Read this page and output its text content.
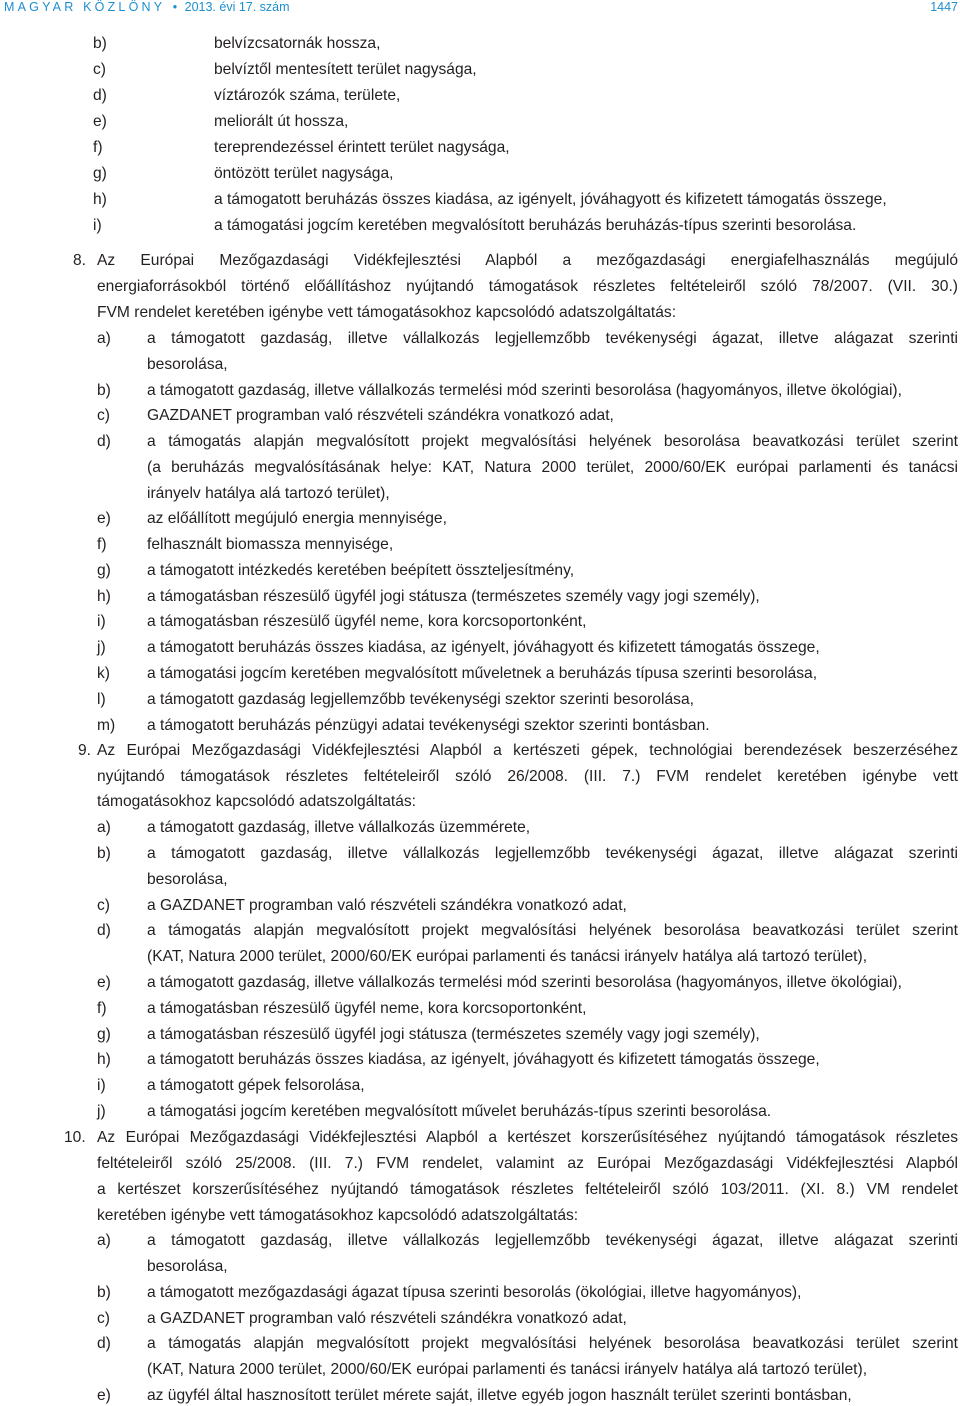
MAGYAR KÖZLÖNY • 2013. évi 17. szám	1447
b)	belvízcsatornák hossza,
c)	belvíztől mentesített terület nagysága,
d)	víztározók száma, területe,
e)	meliorált út hossza,
f)	tereprendezéssel érintett terület nagysága,
g)	öntözött terület nagysága,
h)	a támogatott beruházás összes kiadása, az igényelt, jóváhagyott és kifizetett támogatás összege,
i)	a támogatási jogcím keretében megvalósított beruházás beruházás-típus szerinti besorolása.
8. Az Európai Mezőgazdasági Vidékfejlesztési Alapból a mezőgazdasági energiafelhasználás megújuló
energiaforrásokból történő előállításhoz nyújtandó támogatások részletes feltételeiről szóló 78/2007. (VII. 30.)
FVM rendelet keretében igénybe vett támogatásokhoz kapcsolódó adatszolgáltatás:
a) a támogatott gazdaság, illetve vállalkozás legjellemzőbb tevékenységi ágazat, illetve alágazat szerinti
besorolása,
b) a támogatott gazdaság, illetve vállalkozás termelési mód szerinti besorolása (hagyományos, illetve ökológiai),
c) GAZDANET programban való részvételi szándékra vonatkozó adat,
d) a támogatás alapján megvalósított projekt megvalósítási helyének besorolása beavatkozási terület szerint
(a beruházás megvalósításának helye: KAT, Natura 2000 terület, 2000/60/EK európai parlamenti és tanácsi
irányelv hatálya alá tartozó terület),
e) az előállított megújuló energia mennyisége,
f)	felhasznált biomassza mennyisége,
g) a támogatott intézkedés keretében beépített összteljesítmény,
h) a támogatásban részesülő ügyfél jogi státusza (természetes személy vagy jogi személy),
i)	a támogatásban részesülő ügyfél neme, kora korcsoportonként,
j)	a támogatott beruházás összes kiadása, az igényelt, jóváhagyott és kifizetett támogatás összege,
k) a támogatási jogcím keretében megvalósított műveletnek a beruházás típusa szerinti besorolása,
l)	a támogatott gazdaság legjellemzőbb tevékenységi szektor szerinti besorolása,
m) a támogatott beruházás pénzügyi adatai tevékenységi szektor szerinti bontásban.
9. Az Európai Mezőgazdasági Vidékfejlesztési Alapból a kertészeti gépek, technológiai berendezések beszerzéséhez
nyújtandó támogatások részletes feltételeiről szóló 26/2008. (III. 7.) FVM rendelet keretében igénybe vett
támogatásokhoz kapcsolódó adatszolgáltatás:
a) a támogatott gazdaság, illetve vállalkozás üzemmérete,
b) a támogatott gazdaság, illetve vállalkozás legjellemzőbb tevékenységi ágazat, illetve alágazat szerinti
besorolása,
c) a GAZDANET programban való részvételi szándékra vonatkozó adat,
d) a támogatás alapján megvalósított projekt megvalósítási helyének besorolása beavatkozási terület szerint
(KAT, Natura 2000 terület, 2000/60/EK európai parlamenti és tanácsi irányelv hatálya alá tartozó terület),
e) a támogatott gazdaság, illetve vállalkozás termelési mód szerinti besorolása (hagyományos, illetve ökológiai),
f)	a támogatásban részesülő ügyfél neme, kora korcsoportonként,
g) a támogatásban részesülő ügyfél jogi státusza (természetes személy vagy jogi személy),
h) a támogatott beruházás összes kiadása, az igényelt, jóváhagyott és kifizetett támogatás összege,
i)	a támogatott gépek felsorolása,
j)	a támogatási jogcím keretében megvalósított művelet beruházás-típus szerinti besorolása.
10. Az Európai Mezőgazdasági Vidékfejlesztési Alapból a kertészet korszerűsítéséhez nyújtandó támogatások részletes
feltételeiről szóló 25/2008. (III. 7.) FVM rendelet, valamint az Európai Mezőgazdasági Vidékfejlesztési Alapból
a kertészet korszerűsítéséhez nyújtandó támogatások részletes feltételeiről szóló 103/2011. (XI. 8.) VM rendelet
keretében igénybe vett támogatásokhoz kapcsolódó adatszolgáltatás:
a) a támogatott gazdaság, illetve vállalkozás legjellemzőbb tevékenységi ágazat, illetve alágazat szerinti
besorolása,
b) a támogatott mezőgazdasági ágazat típusa szerinti besorolás (ökológiai, illetve hagyományos),
c) a GAZDANET programban való részvételi szándékra vonatkozó adat,
d) a támogatás alapján megvalósított projekt megvalósítási helyének besorolása beavatkozási terület szerint
(KAT, Natura 2000 terület, 2000/60/EK európai parlamenti és tanácsi irányelv hatálya alá tartozó terület),
e) az ügyfél által hasznosított terület mérete saját, illetve egyéb jogon használt terület szerinti bontásban,
